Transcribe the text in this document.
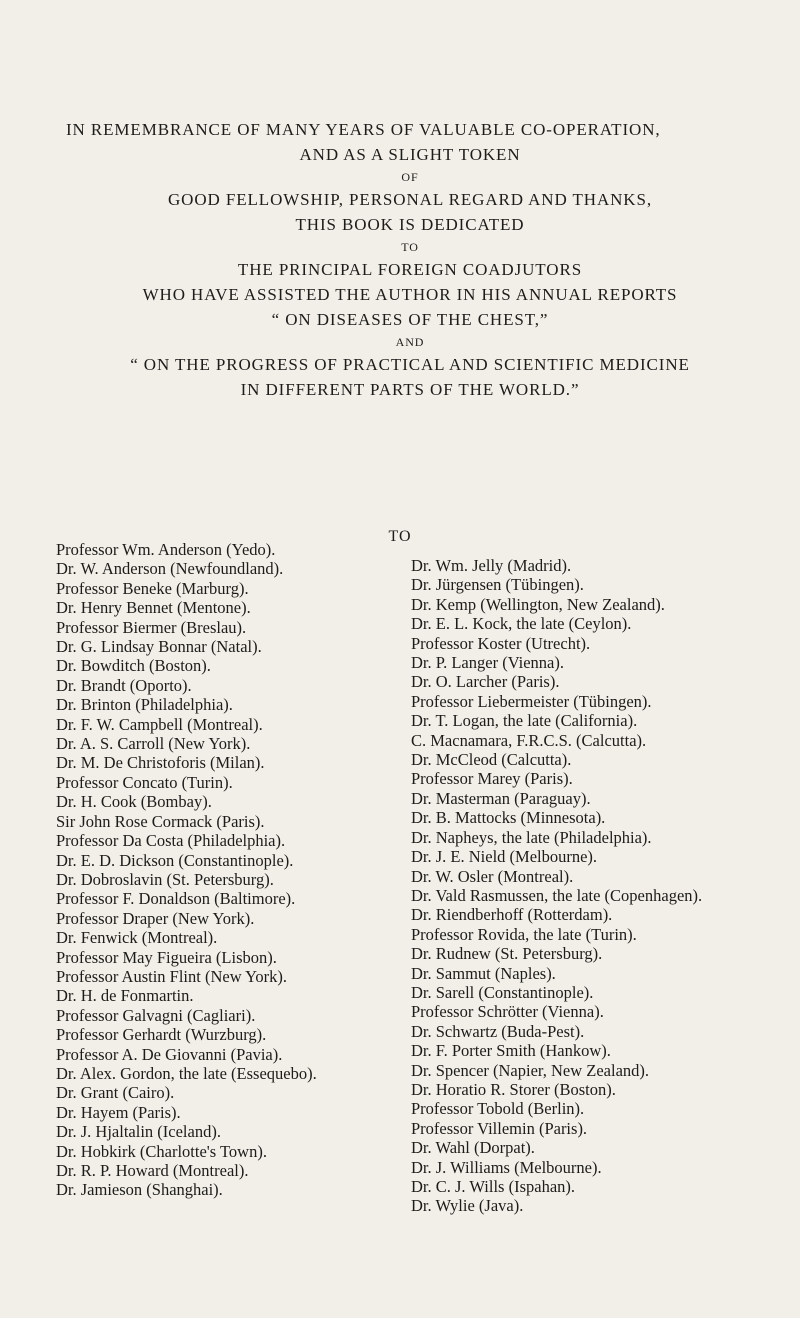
IN REMEMBRANCE OF MANY YEARS OF VALUABLE CO-OPERATION,
AND AS A SLIGHT TOKEN
OF
GOOD FELLOWSHIP, PERSONAL REGARD AND THANKS,
THIS BOOK IS DEDICATED
TO
THE PRINCIPAL FOREIGN COADJUTORS
WHO HAVE ASSISTED THE AUTHOR IN HIS ANNUAL REPORTS
“ ON DISEASES OF THE CHEST,”
AND
“ ON THE PROGRESS OF PRACTICAL AND SCIENTIFIC MEDICINE
IN DIFFERENT PARTS OF THE WORLD.”
TO
Professor Wm. Anderson (Yedo).
Dr. W. Anderson (Newfoundland).
Professor Beneke (Marburg).
Dr. Henry Bennet (Mentone).
Professor Biermer (Breslau).
Dr. G. Lindsay Bonnar (Natal).
Dr. Bowditch (Boston).
Dr. Brandt (Oporto).
Dr. Brinton (Philadelphia).
Dr. F. W. Campbell (Montreal).
Dr. A. S. Carroll (New York).
Dr. M. De Christoforis (Milan).
Professor Concato (Turin).
Dr. H. Cook (Bombay).
Sir John Rose Cormack (Paris).
Professor Da Costa (Philadelphia).
Dr. E. D. Dickson (Constantinople).
Dr. Dobroslavin (St. Petersburg).
Professor F. Donaldson (Baltimore).
Professor Draper (New York).
Dr. Fenwick (Montreal).
Professor May Figueira (Lisbon).
Professor Austin Flint (New York).
Dr. H. de Fonmartin.
Professor Galvagni (Cagliari).
Professor Gerhardt (Wurzburg).
Professor A. De Giovanni (Pavia).
Dr. Alex. Gordon, the late (Essequebo).
Dr. Grant (Cairo).
Dr. Hayem (Paris).
Dr. J. Hjaltalin (Iceland).
Dr. Hobkirk (Charlotte's Town).
Dr. R. P. Howard (Montreal).
Dr. Jamieson (Shanghai).
Dr. Wm. Jelly (Madrid).
Dr. Jürgensen (Tübingen).
Dr. Kemp (Wellington, New Zealand).
Dr. E. L. Kock, the late (Ceylon).
Professor Koster (Utrecht).
Dr. P. Langer (Vienna).
Dr. O. Larcher (Paris).
Professor Liebermeister (Tübingen).
Dr. T. Logan, the late (California).
C. Macnamara, F.R.C.S. (Calcutta).
Dr. McCleod (Calcutta).
Professor Marey (Paris).
Dr. Masterman (Paraguay).
Dr. B. Mattocks (Minnesota).
Dr. Napheys, the late (Philadelphia).
Dr. J. E. Nield (Melbourne).
Dr. W. Osler (Montreal).
Dr. Vald Rasmussen, the late (Copenhagen).
Dr. Riendberhoff (Rotterdam).
Professor Rovida, the late (Turin).
Dr. Rudnew (St. Petersburg).
Dr. Sammut (Naples).
Dr. Sarell (Constantinople).
Professor Schrötter (Vienna).
Dr. Schwartz (Buda-Pest).
Dr. F. Porter Smith (Hankow).
Dr. Spencer (Napier, New Zealand).
Dr. Horatio R. Storer (Boston).
Professor Tobold (Berlin).
Professor Villemin (Paris).
Dr. Wahl (Dorpat).
Dr. J. Williams (Melbourne).
Dr. C. J. Wills (Ispahan).
Dr. Wylie (Java).
